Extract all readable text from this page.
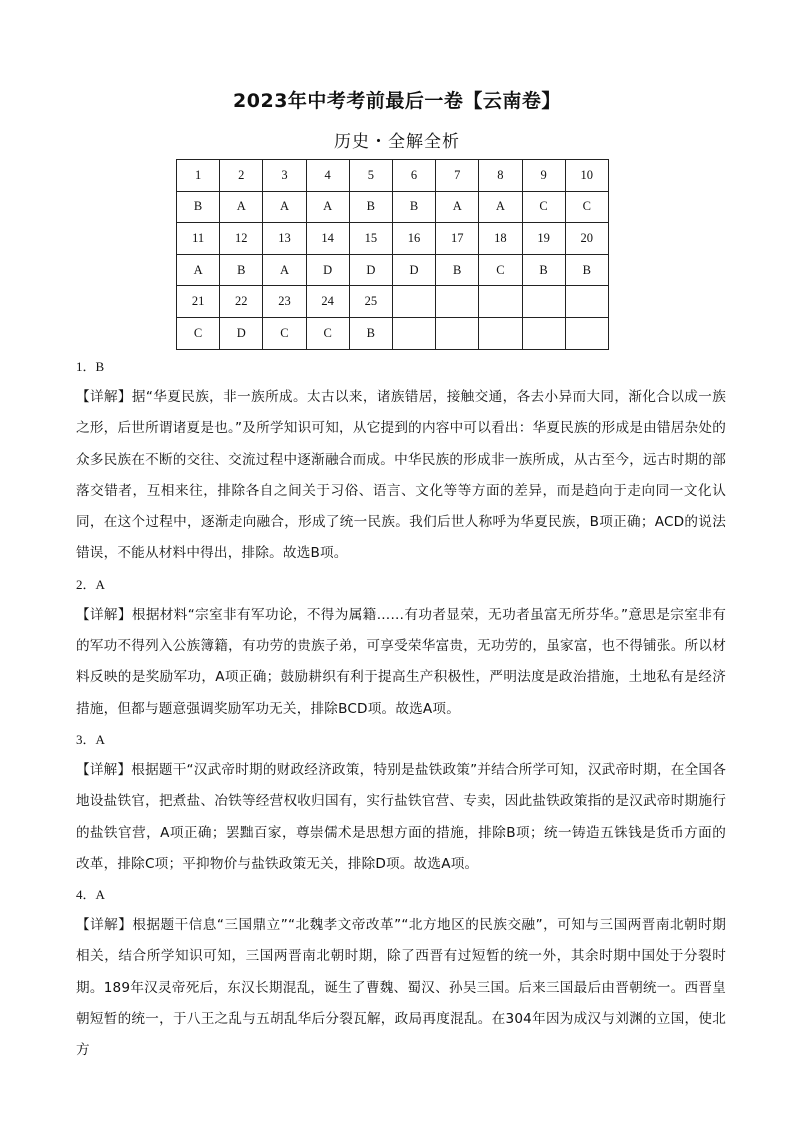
2023年中考考前最后一卷【云南卷】
历史・全解全析
1	2	3	4	5	6	7	8	9	10
B	A	A	A	B	B	A	A	C	C
11	12	13	14	15	16	17	18	19	20
A	B	A	D	D	D	B	C	B	B
21	22	23	24	25					
C	D	C	C	B					
1．B

【详解】据“华夏民族，非一族所成。太古以来，诸族错居，接触交通，各去小异而大同，渐化合以成一族之形，后世所谓诸夏是也。”及所学知识可知，从它提到的内容中可以看出：华夏民族的形成是由错居杂处的众多民族在不断的交往、交流过程中逐渐融合而成。中华民族的形成非一族所成，从古至今，远古时期的部落交错者，互相来往，排除各自之间关于习俗、语言、文化等等方面的差异，而是趋向于走向同一文化认同，在这个过程中，逐渐走向融合，形成了统一民族。我们后世人称呼为华夏民族，B项正确；ACD的说法错误，不能从材料中得出，排除。故选B项。

2．A

【详解】根据材料“宗室非有军功论，不得为属籍……有功者显荣，无功者虽富无所芬华。”意思是宗室非有的军功不得列入公族簿籍，有功劳的贵族子弟，可享受荣华富贵，无功劳的，虽家富，也不得铺张。所以材料反映的是奖励军功，A项正确；鼓励耕织有利于提高生产积极性，严明法度是政治措施，土地私有是经济措施，但都与题意强调奖励军功无关，排除BCD项。故选A项。

3．A

【详解】根据题干“汉武帝时期的财政经济政策，特别是盐铁政策”并结合所学可知，汉武帝时期，在全国各地设盐铁官，把煮盐、冶铁等经营权收归国有，实行盐铁官营、专卖，因此盐铁政策指的是汉武帝时期施行的盐铁官营，A项正确；罢黜百家，尊崇儒术是思想方面的措施，排除B项；统一铸造五铢钱是货币方面的改革，排除C项；平抑物价与盐铁政策无关，排除D项。故选A项。

4．A

【详解】根据题干信息“三国鼎立”“北魏孝文帝改革”“北方地区的民族交融”，可知与三国两晋南北朝时期相关，结合所学知识可知，三国两晋南北朝时期，除了西晋有过短暂的统一外，其余时期中国处于分裂时期。189年汉灵帝死后，东汉长期混乱，诞生了曹魏、蜀汉、孙吴三国。后来三国最后由晋朝统一。西晋皇朝短暂的统一，于八王之乱与五胡乱华后分裂瓦解，政局再度混乱。在304年因为成汉与刘渊的立国，使北方
